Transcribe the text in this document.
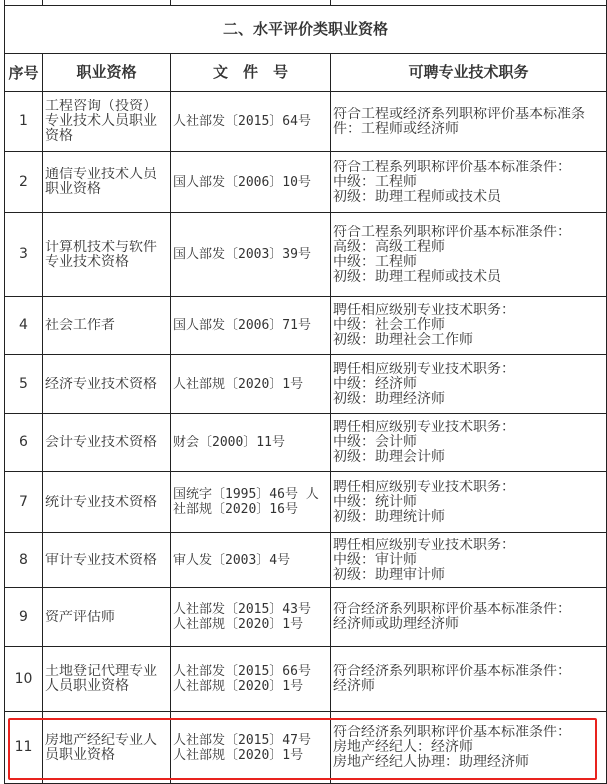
二、水平评价类职业资格			
序号	职业资格	文　件　号	可聘专业技术职务

1	工程咨询（投资）专业技术人员职业资格	人社部发〔2015〕64号	符合工程或经济系列职称评价基本标准条件：工程师或经济师

2	通信专业技术人员职业资格	国人部发〔2006〕10号	符合工程系列职称评价基本标准条件：
中级：工程师
初级：助理工程师或技术员

3	计算机技术与软件专业技术资格	国人部发〔2003〕39号	符合工程系列职称评价基本标准条件：
高级：高级工程师
中级：工程师
初级：助理工程师或技术员

4	社会工作者	国人部发〔2006〕71号	聘任相应级别专业技术职务：
中级：社会工作师
初级：助理社会工作师

5	经济专业技术资格	人社部规〔2020〕1号	聘任相应级别专业技术职务：
中级：经济师
初级：助理经济师

6	会计专业技术资格	财会〔2000〕11号	聘任相应级别专业技术职务：
中级：会计师
初级：助理会计师

7	统计专业技术资格	国统字〔1995〕46号 人社部规〔2020〕16号	聘任相应级别专业技术职务：
中级：统计师
初级：助理统计师

8	审计专业技术资格	审人发〔2003〕4号	聘任相应级别专业技术职务：
中级：审计师
初级：助理审计师

9	资产评估师	人社部发〔2015〕43号 人社部规〔2020〕1号	符合经济系列职称评价基本标准条件：
经济师或助理经济师

10	土地登记代理专业人员职业资格	人社部发〔2015〕66号 人社部规〔2020〕1号	符合经济系列职称评价基本标准条件：
经济师

11	房地产经纪专业人员职业资格	人社部发〔2015〕47号 人社部规〔2020〕1号	符合经济系列职称评价基本标准条件：
房地产经纪人：经济师
房地产经纪人协理：助理经济师
